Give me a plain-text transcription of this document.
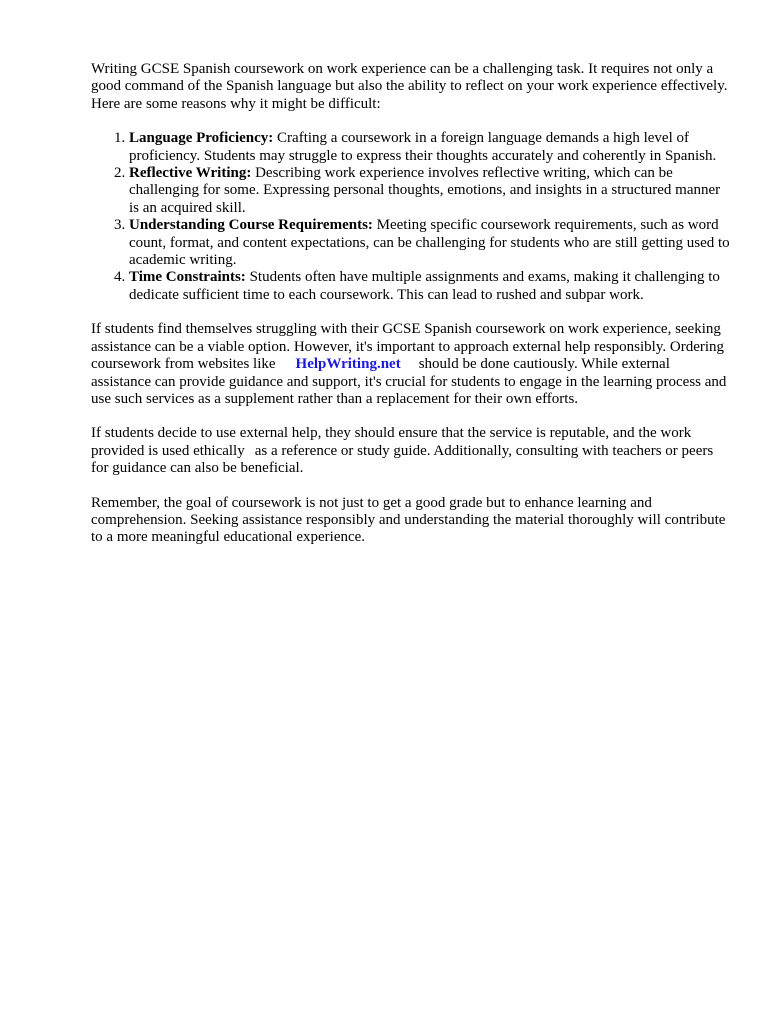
Writing GCSE Spanish coursework on work experience can be a challenging task. It requires not only a good command of the Spanish language but also the ability to reflect on your work experience effectively. Here are some reasons why it might be difficult:

1. Language Proficiency: Crafting a coursework in a foreign language demands a high level of proficiency. Students may struggle to express their thoughts accurately and coherently in Spanish.
2. Reflective Writing: Describing work experience involves reflective writing, which can be challenging for some. Expressing personal thoughts, emotions, and insights in a structured manner is an acquired skill.
3. Understanding Course Requirements: Meeting specific coursework requirements, such as word count, format, and content expectations, can be challenging for students who are still getting used to academic writing.
4. Time Constraints: Students often have multiple assignments and exams, making it challenging to dedicate sufficient time to each coursework. This can lead to rushed and subpar work.

If students find themselves struggling with their GCSE Spanish coursework on work experience, seeking assistance can be a viable option. However, it's important to approach external help responsibly. Ordering coursework from websites like HelpWriting.net should be done cautiously. While external assistance can provide guidance and support, it's crucial for students to engage in the learning process and use such services as a supplement rather than a replacement for their own efforts.

If students decide to use external help, they should ensure that the service is reputable, and the work provided is used ethically as a reference or study guide. Additionally, consulting with teachers or peers for guidance can also be beneficial.

Remember, the goal of coursework is not just to get a good grade but to enhance learning and comprehension. Seeking assistance responsibly and understanding the material thoroughly will contribute to a more meaningful educational experience.
